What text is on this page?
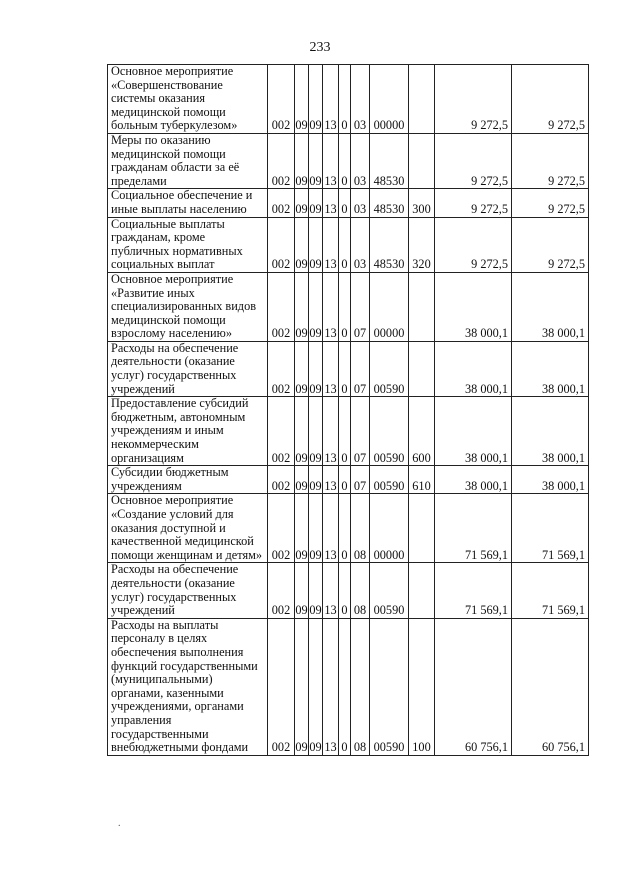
233
Основное мероприятие «Совершенствование системы оказания медицинской помощи больным туберкулезом»	002	09	09	13	0	03	00000		9 272,5	9 272,5
Меры по оказанию медицинской помощи гражданам области за её пределами	002	09	09	13	0	03	48530		9 272,5	9 272,5
Социальное обеспечение и иные выплаты населению	002	09	09	13	0	03	48530	300	9 272,5	9 272,5
Социальные выплаты гражданам, кроме публичных нормативных социальных выплат	002	09	09	13	0	03	48530	320	9 272,5	9 272,5
Основное мероприятие «Развитие иных специализированных видов медицинской помощи взрослому населению»	002	09	09	13	0	07	00000		38 000,1	38 000,1
Расходы на обеспечение деятельности (оказание услуг) государственных учреждений	002	09	09	13	0	07	00590		38 000,1	38 000,1
Предоставление субсидий бюджетным, автономным учреждениям и иным некоммерческим организациям	002	09	09	13	0	07	00590	600	38 000,1	38 000,1
Субсидии бюджетным учреждениям	002	09	09	13	0	07	00590	610	38 000,1	38 000,1
Основное мероприятие «Создание условий для оказания доступной и качественной медицинской помощи женщинам и детям»	002	09	09	13	0	08	00000		71 569,1	71 569,1
Расходы на обеспечение деятельности (оказание услуг) государственных учреждений	002	09	09	13	0	08	00590		71 569,1	71 569,1
Расходы на выплаты персоналу в целях обеспечения выполнения функций государственными (муниципальными) органами, казенными учреждениями, органами управления государственными внебюджетными фондами	002	09	09	13	0	08	00590	100	60 756,1	60 756,1
.
